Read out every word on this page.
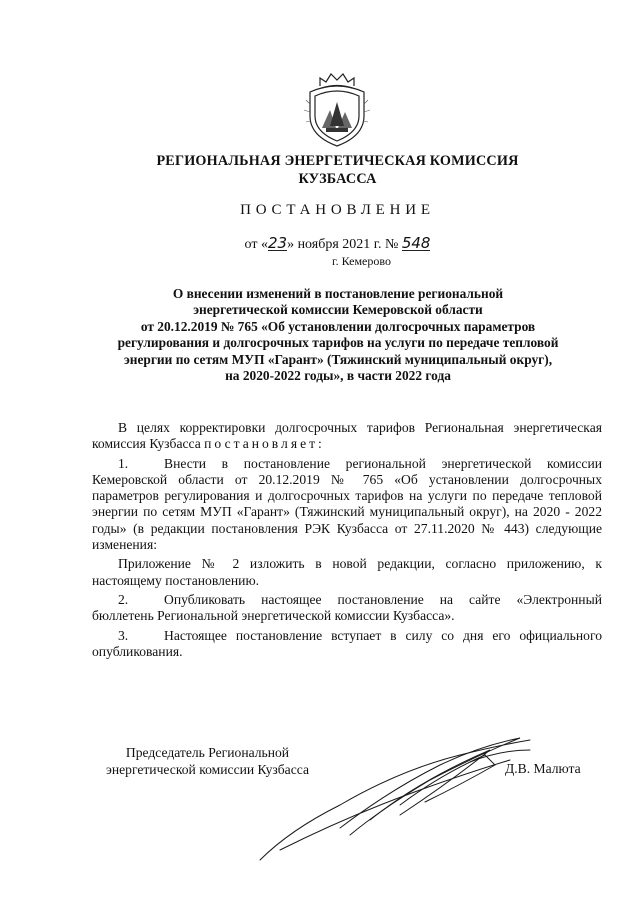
РЕГИОНАЛЬНАЯ ЭНЕРГЕТИЧЕСКАЯ КОМИССИЯ
КУЗБАССА
ПОСТАНОВЛЕНИЕ
от «23» ноября 2021 г. № 548
г. Кемерово
О внесении изменений в постановление региональной
энергетической комиссии Кемеровской области
от 20.12.2019 № 765 «Об установлении долгосрочных параметров
регулирования и долгосрочных тарифов на услуги по передаче тепловой
энергии по сетям МУП «Гарант» (Тяжинский муниципальный округ),
на 2020-2022 годы», в части 2022 года

В целях корректировки долгосрочных тарифов Региональная энергетическая комиссия Кузбасса постановляет:

1.	Внести в постановление региональной энергетической комиссии Кемеровской области от 20.12.2019 № 765 «Об установлении долгосрочных параметров регулирования и долгосрочных тарифов на услуги по передаче тепловой энергии по сетям МУП «Гарант» (Тяжинский муниципальный округ), на 2020 - 2022 годы» (в редакции постановления РЭК Кузбасса от 27.11.2020 № 443) следующие изменения:

Приложение № 2 изложить в новой редакции, согласно приложению, к настоящему постановлению.

2.	Опубликовать настоящее постановление на сайте «Электронный бюллетень Региональной энергетической комиссии Кузбасса».

3.	Настоящее постановление вступает в силу со дня его официального опубликования.

Председатель Региональной
энергетической комиссии Кузбасса	Д.В. Малюта
